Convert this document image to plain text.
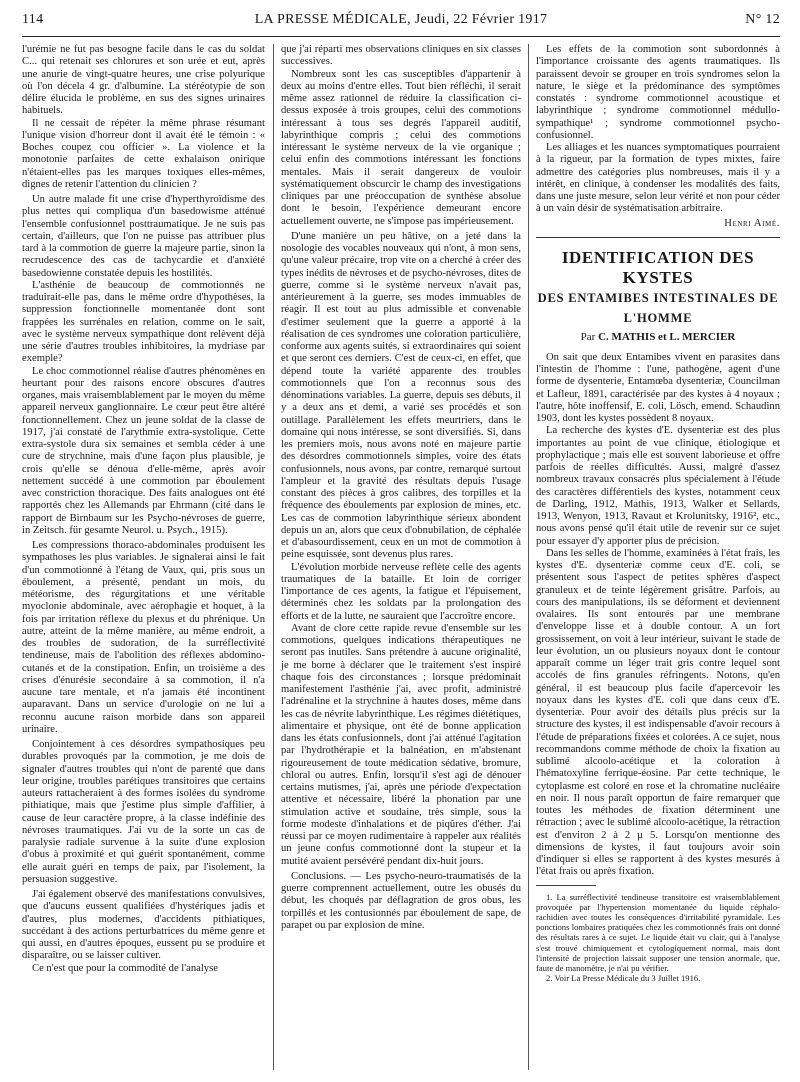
114	LA PRESSE MÉDICALE, Jeudi, 22 Février 1917	N° 12

l'urémie ne fut pas besogne facile dans le cas du soldat C... qui retenait ses chlorures et son urée et eut, après une anurie de vingt-quatre heures, une crise polyurique où l'on décela 4 gr. d'albumine. La stéréotypie de son délire élucida le problème, en sus des signes urinaires habituels.

Il ne cessait de répéter la même phrase résumant l'unique vision d'horreur dont il avait été le témoin : « Boches coupez cou officier ». La violence et la monotonie parfaites de cette exhalaison onirique n'étaient-elles pas les marques toxiques elles-mêmes, dignes de retenir l'attention du clinicien ?

Un autre malade fit une crise d'hyperthyroïdisme des plus nettes qui compliqua d'un basedowisme atténué l'ensemble confusionnel posttraumatique. Je ne suis pas certain, d'ailleurs, que l'on ne puisse pas attribuer plus tard à la commotion de guerre la majeure partie, sinon la recrudescence des cas de tachycardie et d'anxiété basedowienne constatée depuis les hostilités.

L'asthénie de beaucoup de commotionnés ne traduirait-elle pas, dans le même ordre d'hypothèses, la suppression fonctionnelle momentanée dont sont frappées les surrénales en relation, comme on le sait, avec le système nerveux sympathique dont relèvent déjà une série d'autres troubles inhibitoires, la mydriase par exemple?

Le choc commotionnel réalise d'autres phénomènes en heurtant pour des raisons encore obscures d'autres organes, mais vraisemblablement par le moyen du même appareil nerveux ganglionnaire. Le cœur peut être altéré fonctionnellement. Chez un jeune soldat de la classe de 1917, j'ai constaté de l'arythmie extra-systolique. Cette extra-systole dura six semaines et sembla céder à une cure de strychnine, mais d'une façon plus plausible, je crois qu'elle se dénoua d'elle-même, après avoir nettement succédé à une commotion par éboulement avec constriction thoracique. Des faits analogues ont été rapportés chez les Allemands par Ehrmann (cité dans le rapport de Birnbaum sur les Psycho-névroses de guerre, in Zeitsch. für gesamte Neurol. u. Psych., 1915).

Les compressions thoraco-abdominales produisent les sympathoses les plus variables. Je signalerai ainsi le fait d'un commotionné à l'étang de Vaux, qui, pris sous un éboulement, a présenté, pendant un mois, du météorisme, des régurgitations et une véritable myoclonie abdominale, avec aérophagie et hoquet, à la fois par irritation réflexe du plexus et du phrénique. Un autre, atteint de la même manière, au même endroit, a des troubles de sudoration, de la surréflectivité tendineuse, mais de l'abolition des réflexes abdomino-cutanés et de la constipation. Enfin, un troisième a des crises d'énurésie secondaire à sa commotion, il n'a aucune tare mentale, et n'a jamais été incontinent auparavant. Dans un service d'urologie on ne lui a reconnu aucune raison morbide dans son appareil urinaire.

Conjointement à ces désordres sympathosiques peu durables provoqués par la commotion, je me dois de signaler d'autres troubles qui n'ont de parenté que dans leur origine, troubles parétiques transitoires que certains auteurs rattacheraient à des formes isolées du syndrome pithiatique, mais que j'estime plus simple d'affilier, à cause de leur caractère propre, à la classe indéfinie des névroses traumatiques. J'ai vu de la sorte un cas de paralysie radiale survenue à la suite d'une explosion d'obus à proximité et qui guérit spontanément, comme elle aurait guéri en temps de paix, par l'isolement, la persuasion suggestive.

J'ai également observé des manifestations convulsives, que d'aucuns eussent qualifiées d'hystériques jadis et d'autres, plus modernes, d'accidents pithiatiques, succédant à des actions perturbatrices du même genre et qui aussi, en d'autres époques, eussent pu se produire et disparaître, ou se laisser cultiver.

Ce n'est que pour la commodité de l'analyse

que j'ai réparti mes observations cliniques en six classes successives.

Nombreux sont les cas susceptibles d'appartenir à deux au moins d'entre elles. Tout bien réfléchi, il serait même assez rationnel de réduire la classification ci-dessus exposée à trois groupes, celui des commotions intéressant à tous ses degrés l'appareil auditif, labyrinthique compris ; celui des commotions intéressant le système nerveux de la vie organique ; celui enfin des commotions intéressant les fonctions mentales. Mais il serait dangereux de vouloir systématiquement obscurcir le champ des investigations cliniques par une préoccupation de synthèse absolue dont le besoin, l'expérience demeurant encore actuellement ouverte, ne s'impose pas impérieusement.

D'une manière un peu hâtive, on a jeté dans la nosologie des vocables nouveaux qui n'ont, à mon sens, qu'une valeur précaire, trop vite on a cherché à créer des types inédits de névroses et de psycho-névroses, dites de guerre, comme si le système nerveux n'avait pas, antérieurement à la guerre, ses modes immuables de réagir. Il est tout au plus admissible et convenable d'estimer seulement que la guerre a apporté à la réalisation de ces syndromes une coloration particulière, conforme aux agents suités, si extraordinaires qui soient et que seront ces derniers. C'est de ceux-ci, en effet, que dépend toute la variété apparente des troubles commotionnels que l'on a reconnus sous des dénominations variables. La guerre, depuis ses débuts, il y a deux ans et demi, a varié ses procédés et son outillage. Parallèlement les effets meurtriers, dans le domaine qui nous intéresse, se sont diversifiés. Si, dans les premiers mois, nous avons noté en majeure partie des désordres commotionnels simples, voire des états confusionnels, nous avons, par contre, remarqué surtout l'ampleur et la gravité des résultats depuis l'usage constant des pièces à gros calibres, des torpilles et la fréquence des éboulements par explosion de mines, etc. Les cas de commotion labyrinthique sérieux abondent depuis un an, alors que ceux d'obnubilation, de céphalée et d'abasourdissement, ceux en un mot de commotion à peine esquissée, sont devenus plus rares.

L'évolution morbide nerveuse reflète celle des agents traumatiques de la bataille. Et loin de corriger l'importance de ces agents, la fatigue et l'épuisement, déterminés chez les soldats par la prolongation des efforts et de la lutte, ne sauraient que l'accroître encore.

Avant de clore cette rapide revue d'ensemble sur les commotions, quelques indications thérapeutiques ne seront pas inutiles. Sans prétendre à aucune originalité, je me borne à déclarer que le traitement s'est inspiré chaque fois des circonstances ; lorsque prédominait manifestement l'asthénie j'ai, avec profit, administré l'adrénaline et la strychnine à hautes doses, même dans les cas de névrite labyrinthique. Les régimes diététiques, alimentaire et physique, ont été de bonne application dans les états confusionnels, dont j'ai atténué l'agitation par l'hydrothérapie et la balnéation, en m'abstenant rigoureusement de toute médication sédative, bromure, chloral ou autres. Enfin, lorsqu'il s'est agi de dénouer certains mutismes, j'ai, après une période d'expectation attentive et nécessaire, libéré la phonation par une stimulation active et soudaine, très simple, sous la forme modeste d'inhalations et de piqûres d'éther. J'ai réussi par ce moyen rudimentaire à rappeler aux réalités un jeune confus commotionné dont la stupeur et la mutité avaient persévéré pendant dix-huit jours.

Conclusions. — Les psycho-neuro-traumatisés de la guerre comprennent actuellement, outre les obusés du début, les choqués par déflagration de gros obus, les torpillés et les contusionnés par éboulement de sape, de parapet ou par explosion de mine.

Les effets de la commotion sont subordonnés à l'importance croissante des agents traumatiques. Ils paraissent devoir se grouper en trois syndromes selon la nature, le siège et la prédominance des symptômes constatés : syndrome commotionnel acoustique et labyrinthique ; syndrome commotionnel médullo-sympathique¹ ; syndrome commotionnel psycho-confusionnel.

Les alliages et les nuances symptomatiques pourraient à la rigueur, par la formation de types mixtes, faire admettre des catégories plus nombreuses, mais il y a intérêt, en clinique, à condenser les modalités des faits, dans une juste mesure, selon leur vérité et non pour céder à un vain désir de systématisation arbitraire.

Henri Aimé.

IDENTIFICATION DES KYSTES
DES ENTAMIBES INTESTINALES DE L'HOMME
Par C. MATHIS et L. MERCIER

On sait que deux Entamibes vivent en parasites dans l'intestin de l'homme : l'une, pathogène, agent d'une forme de dysenterie, Entamœba dysenteriæ, Councilman et Lafleur, 1891, caractérisée par des kystes à 4 noyaux ; l'autre, hôte inoffensif, E. coli, Lösch, emend. Schaudinn 1903, dont les kystes possèdent 8 noyaux.

La recherche des kystes d'E. dysenteriæ est des plus importantes au point de vue clinique, étiologique et prophylactique ; mais elle est souvent laborieuse et offre parfois de réelles difficultés. Aussi, malgré d'assez nombreux travaux consacrés plus spécialement à l'étude des caractères différentiels des kystes, notamment ceux de Darling, 1912, Mathis, 1913, Walker et Sellards, 1913, Wenyon, 1913, Ravaut et Krolunitsky, 1916², etc., nous avons pensé qu'il était utile de revenir sur ce sujet pour essayer d'y apporter plus de précision.

Dans les selles de l'homme, examinées à l'état frais, les kystes d'E. dysenteriæ comme ceux d'E. coli, se présentent sous l'aspect de petites sphères d'aspect granuleux et de teinte légèrement grisâtre. Parfois, au cours des manipulations, ils se déforment et deviennent ovalaires. Ils sont entourés par une membrane d'enveloppe lisse et à double contour. A un fort grossissement, on voit à leur intérieur, suivant le stade de leur évolution, un ou plusieurs noyaux dont le contour apparaît comme un léger trait gris contre lequel sont accolés de fins granules réfringents. Notons, qu'en général, il est beaucoup plus facile d'apercevoir les noyaux dans les kystes d'E. coli que dans ceux d'E. dysenteriæ. Pour avoir des détails plus précis sur la structure des kystes, il est indispensable d'avoir recours à l'étude de préparations fixées et colorées. A ce sujet, nous recommandons comme méthode de choix la fixation au sublimé alcoolo-acétique et la coloration à l'hématoxyline ferrique-éosine. Par cette technique, le cytoplasme est coloré en rose et la chromatine nucléaire en noir. Il nous paraît opportun de faire remarquer que toutes les méthodes de fixation déterminent une rétraction ; avec le sublimé alcoolo-acétique, la rétraction est d'environ 2 à 2 µ 5. Lorsqu'on mentionne des dimensions de kystes, il faut toujours avoir soin d'indiquer si elles se rapportent à des kystes mesurés à l'état frais ou après fixation.

1. La surréflectivité tendineuse transitoire est vraisemblablement provoquée par l'hypertension momentanée du liquide céphalo-rachidien avec toutes les conséquences d'irritabilité pyramidale. Les ponctions lombaires pratiquées chez les commotionnés frais ont donné des résultats rares à ce sujet. Le liquide était vu clair, qui à l'analyse s'est trouvé chimiquement et cytologiquement normal, mais dont l'intensité de projection laissait supposer une tension anormale, que, faute de manomètre, je n'ai pu vérifier.

2. Voir La Presse Médicale du 3 Juillet 1916.
